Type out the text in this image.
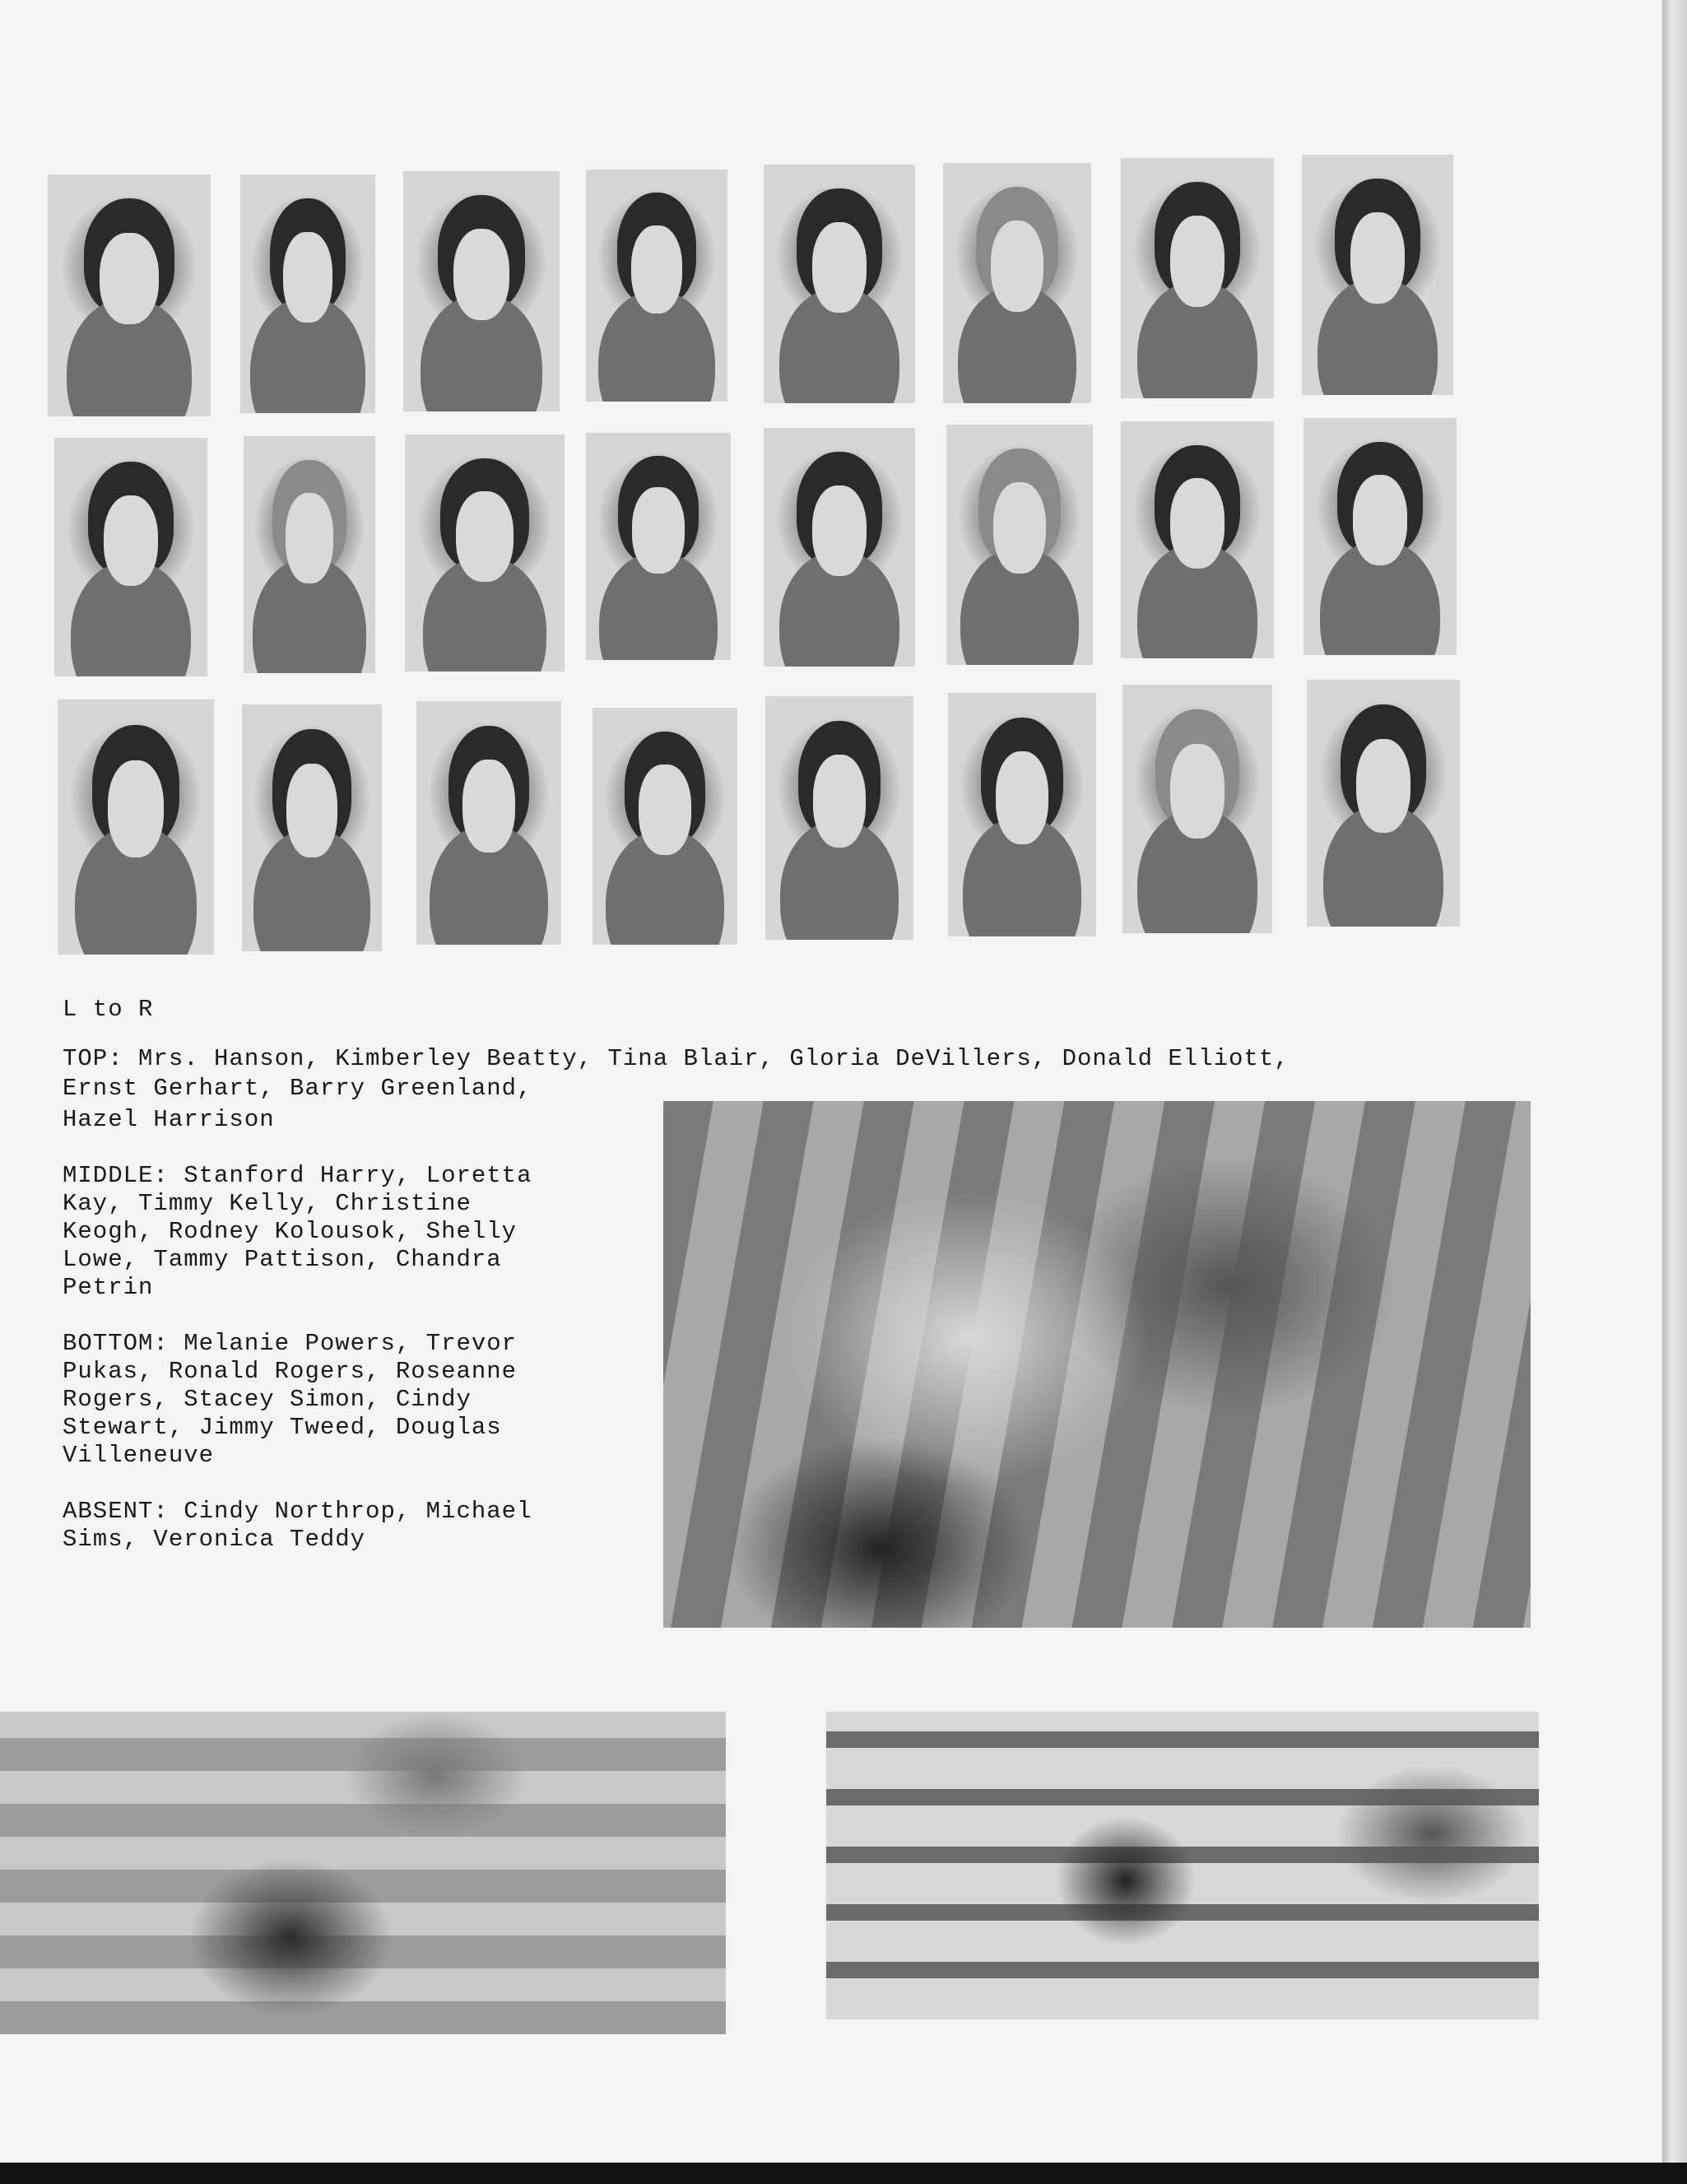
L to R

TOP: Mrs. Hanson, Kimberley Beatty, Tina Blair, Gloria DeVillers, Donald Elliott,

Ernst Gerhart, Barry Greenland,

Hazel Harrison

MIDDLE: Stanford Harry, Loretta
Kay, Timmy Kelly, Christine
Keogh, Rodney Kolousok, Shelly
Lowe, Tammy Pattison, Chandra
Petrin

BOTTOM: Melanie Powers, Trevor
Pukas, Ronald Rogers, Roseanne
Rogers, Stacey Simon, Cindy
Stewart, Jimmy Tweed, Douglas
Villeneuve

ABSENT: Cindy Northrop, Michael
Sims, Veronica Teddy
